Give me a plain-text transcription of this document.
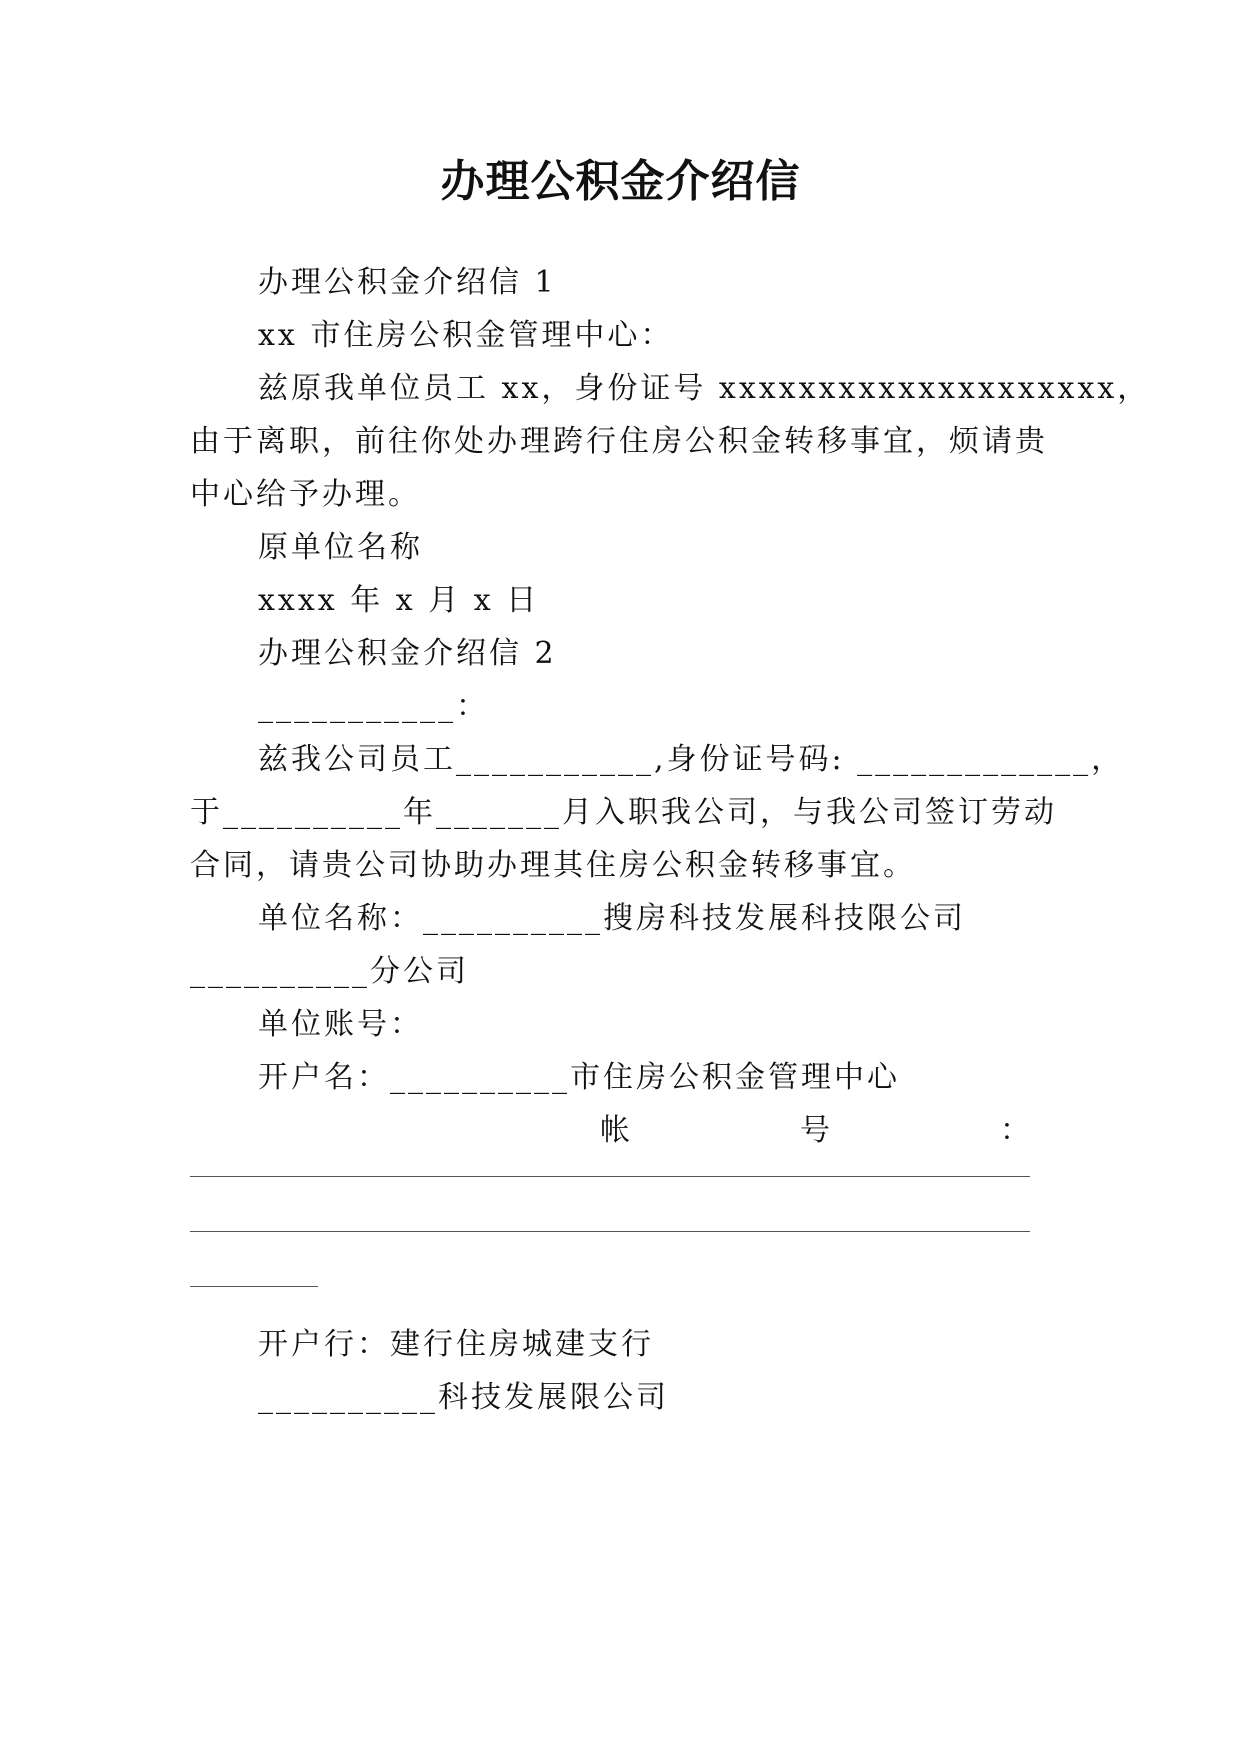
办理公积金介绍信
办理公积金介绍信 1
xx 市住房公积金管理中心：
兹原我单位员工 xx，身份证号 xxxxxxxxxxxxxxxxxxxx，
由于离职，前往你处办理跨行住房公积金转移事宜，烦请贵
中心给予办理。
原单位名称
xxxx 年 x 月 x 日
办理公积金介绍信 2
___________：
兹我公司员工___________,身份证号码: _____________，
于__________年_______月入职我公司，与我公司签订劳动
合同，请贵公司协助办理其住房公积金转移事宜。
单位名称：__________搜房科技发展科技限公司
__________分公司
单位账号：
开户名：__________市住房公积金管理中心
帐	号	：
开户行：建行住房城建支行
__________科技发展限公司
